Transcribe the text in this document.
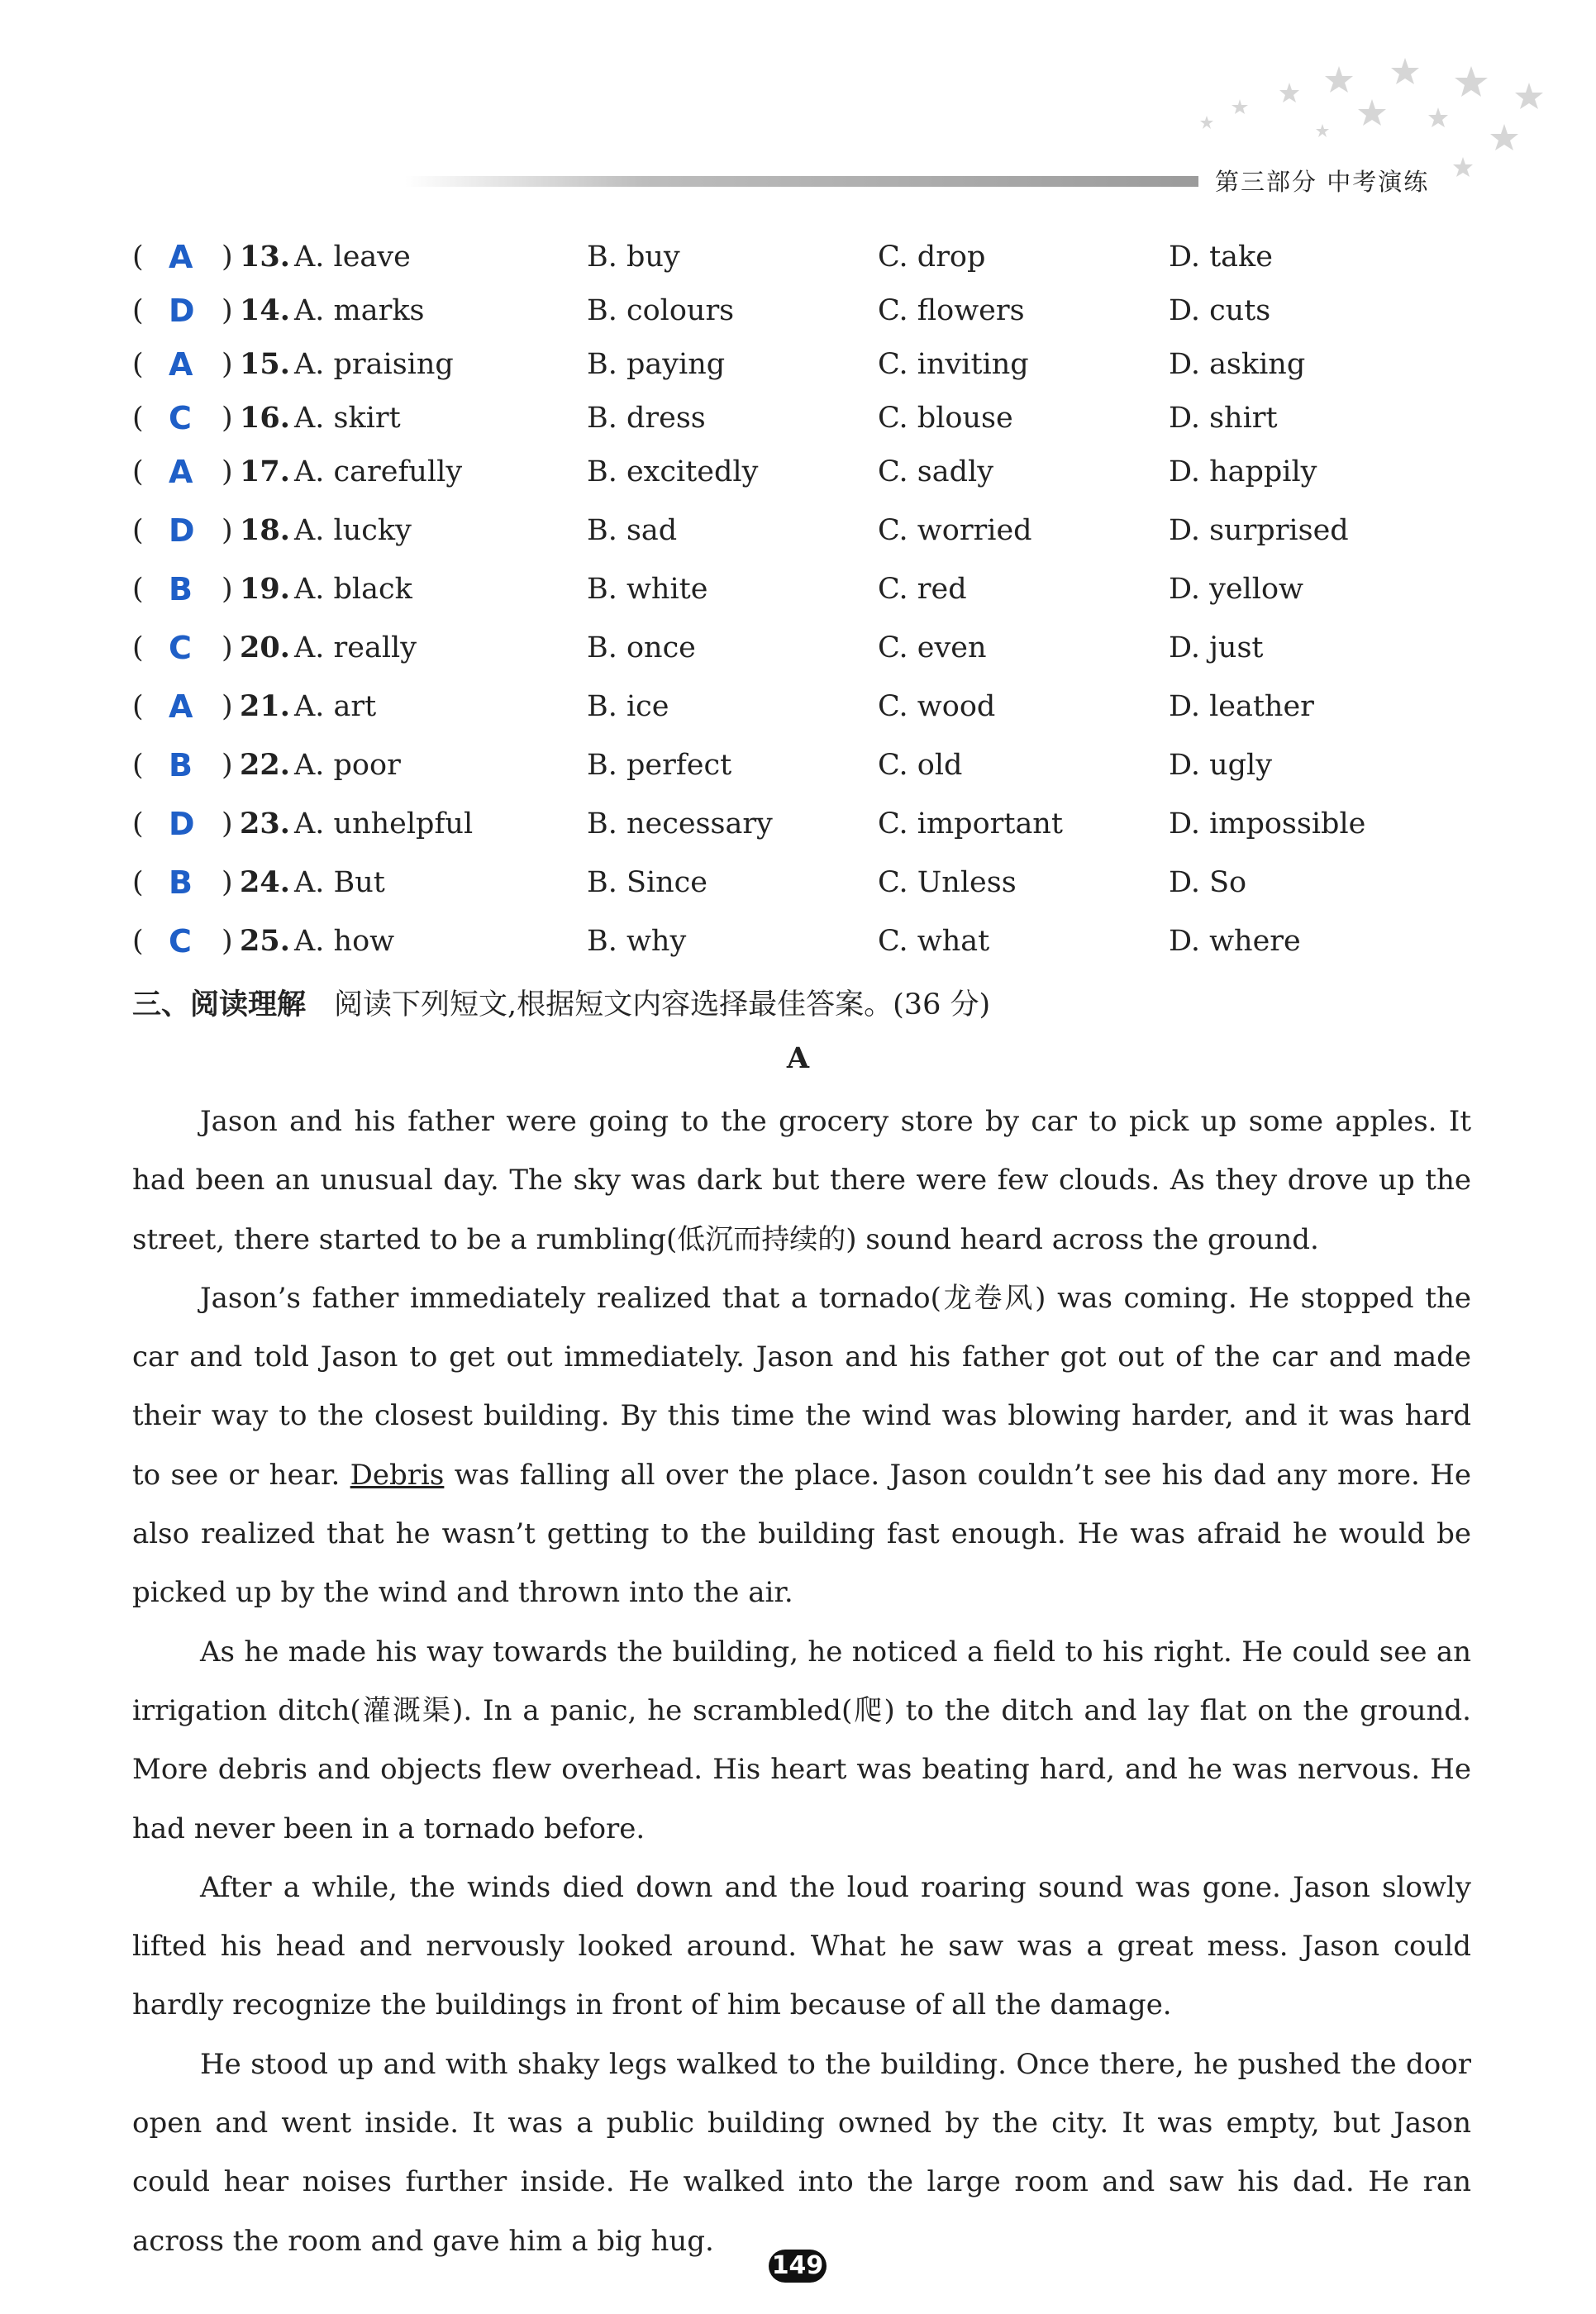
第三部分 中考演练
( A ) 13. A. leave	B. buy	C. drop	D. take
( D ) 14. A. marks	B. colours	C. flowers	D. cuts
( A ) 15. A. praising	B. paying	C. inviting	D. asking
( C ) 16. A. skirt	B. dress	C. blouse	D. shirt
( A ) 17. A. carefully	B. excitedly	C. sadly	D. happily
( D ) 18. A. lucky	B. sad	C. worried	D. surprised
( B ) 19. A. black	B. white	C. red	D. yellow
( C ) 20. A. really	B. once	C. even	D. just
( A ) 21. A. art	B. ice	C. wood	D. leather
( B ) 22. A. poor	B. perfect	C. old	D. ugly
( D ) 23. A. unhelpful	B. necessary	C. important	D. impossible
( B ) 24. A. But	B. Since	C. Unless	D. So
( C ) 25. A. how	B. why	C. what	D. where
三、阅读理解 阅读下列短文,根据短文内容选择最佳答案。(36 分)
A

Jason and his father were going to the grocery store by car to pick up some apples. It had been an unusual day. The sky was dark but there were few clouds. As they drove up the street, there started to be a rumbling(低沉而持续的) sound heard across the ground.

Jason’s father immediately realized that a tornado(龙卷风) was coming. He stopped the car and told Jason to get out immediately. Jason and his father got out of the car and made their way to the closest building. By this time the wind was blowing harder, and it was hard to see or hear. Debris was falling all over the place. Jason couldn’t see his dad any more. He also realized that he wasn’t getting to the building fast enough. He was afraid he would be picked up by the wind and thrown into the air.

As he made his way towards the building, he noticed a field to his right. He could see an irrigation ditch(灌溉渠). In a panic, he scrambled(爬) to the ditch and lay flat on the ground. More debris and objects flew overhead. His heart was beating hard, and he was nervous. He had never been in a tornado before.

After a while, the winds died down and the loud roaring sound was gone. Jason slowly lifted his head and nervously looked around. What he saw was a great mess. Jason could hardly recognize the buildings in front of him because of all the damage.

He stood up and with shaky legs walked to the building. Once there, he pushed the door open and went inside. It was a public building owned by the city. It was empty, but Jason could hear noises further inside. He walked into the large room and saw his dad. He ran across the room and gave him a big hug.

149
